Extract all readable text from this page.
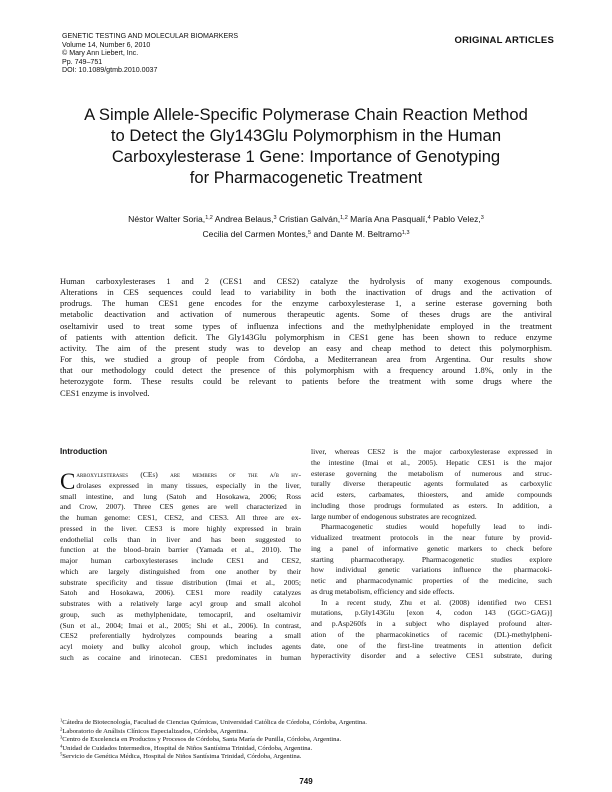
GENETIC TESTING AND MOLECULAR BIOMARKERS
Volume 14, Number 6, 2010
© Mary Ann Liebert, Inc.
Pp. 749–751
DOI: 10.1089/gtmb.2010.0037
ORIGINAL ARTICLES
A Simple Allele-Specific Polymerase Chain Reaction Method
to Detect the Gly143Glu Polymorphism in the Human
Carboxylesterase 1 Gene: Importance of Genotyping
for Pharmacogenetic Treatment
Néstor Walter Soria,$^{1,2}$ Andrea Belaus,$^3$ Cristian Galván,$^{1,2}$ María Ana Pasqualí,$^4$ Pablo Velez,$^3$
Cecilia del Carmen Montes,$^5$ and Dante M. Beltramo$^{1,3}$
Human carboxylesterases 1 and 2 (CES1 and CES2) catalyze the hydrolysis of many exogenous compounds.
Alterations in CES sequences could lead to variability in both the inactivation of drugs and the activation of
prodrugs. The human CES1 gene encodes for the enzyme carboxylesterase 1, a serine esterase governing both
metabolic deactivation and activation of numerous therapeutic agents. Some of theses drugs are the antiviral
oseltamivir used to treat some types of influenza infections and the methylphenidate employed in the treatment
of patients with attention deficit. The Gly143Glu polymorphism in CES1 gene has been shown to reduce enzyme
activity. The aim of the present study was to develop an easy and cheap method to detect this polymorphism.
For this, we studied a group of people from Córdoba, a Mediterranean area from Argentina. Our results show
that our methodology could detect the presence of this polymorphism with a frequency around 1.8%, only in the
heterozygote form. These results could be relevant to patients before the treatment with some drugs where the
CES1 enzyme is involved.
Introduction
C arboxylesterases (CEs) are members of the α/β hy-
drolases expressed in many tissues, especially in the liver,
small intestine, and lung (Satoh and Hosokawa, 2006; Ross
and Crow, 2007). Three CES genes are well characterized in
the human genome: CES1, CES2, and CES3. All three are ex-
pressed in the liver. CES3 is more highly expressed in brain
endothelial cells than in liver and has been suggested to
function at the blood–brain barrier (Yamada et al., 2010). The
major human carboxylesterases include CES1 and CES2,
which are largely distinguished from one another by their
substrate specificity and tissue distribution (Imai et al., 2005;
Satoh and Hosokawa, 2006). CES1 more readily catalyzes
substrates with a relatively large acyl group and small alcohol
group, such as methylphenidate, temocapril, and oseltamivir
(Sun et al., 2004; Imai et al., 2005; Shi et al., 2006). In contrast,
CES2 preferentially hydrolyzes compounds bearing a small
acyl moiety and bulky alcohol group, which includes agents
such as cocaine and irinotecan. CES1 predominates in human
liver, whereas CES2 is the major carboxylesterase expressed in
the intestine (Imai et al., 2005). Hepatic CES1 is the major
esterase governing the metabolism of numerous and struc-
turally diverse therapeutic agents formulated as carboxylic
acid esters, carbamates, thioesters, and amide compounds
including those prodrugs formulated as esters. In addition, a
large number of endogenous substrates are recognized.
Pharmacogenetic studies would hopefully lead to indi-
vidualized treatment protocols in the near future by provid-
ing a panel of informative genetic markers to check before
starting pharmacotherapy. Pharmacogenetic studies explore
how individual genetic variations influence the pharmacoki-
netic and pharmacodynamic properties of the medicine, such
as drug metabolism, efficiency and side effects.
In a recent study, Zhu et al. (2008) identified two CES1
mutations, p.Gly143Glu [exon 4, codon 143 (GGC>GAG)]
and p.Asp260fs in a subject who displayed profound alter-
ation of the pharmacokinetics of racemic (DL)-methylpheni-
date, one of the first-line treatments in attention deficit
hyperactivity disorder and a selective CES1 substrate, during
$^1$Cátedra de Biotecnología, Facultad de Ciencias Químicas, Universidad Católica de Córdoba, Córdoba, Argentina.
$^2$Laboratorio de Análisis Clínicos Especializados, Córdoba, Argentina.
$^3$Centro de Excelencia en Productos y Procesos de Córdoba, Santa María de Punilla, Córdoba, Argentina.
$^4$Unidad de Cuidados Intermedios, Hospital de Niños Santísima Trinidad, Córdoba, Argentina.
$^5$Servicio de Genética Médica, Hospital de Niños Santísima Trinidad, Córdoba, Argentina.
749
